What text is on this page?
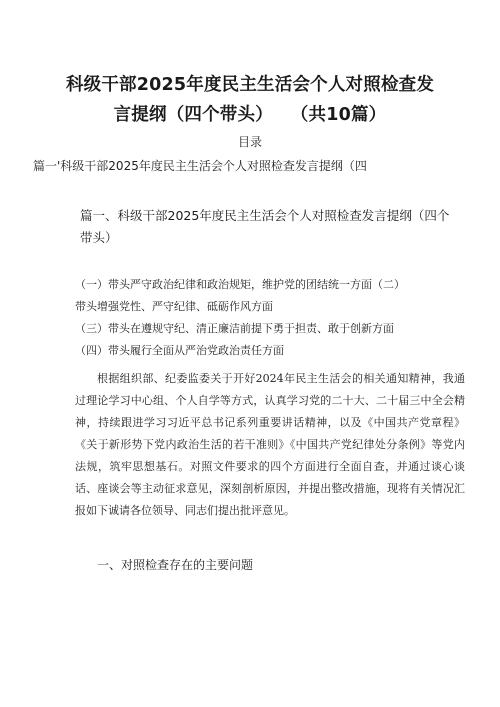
科级干部2025年度民主生活会个人对照检查发
言提纲（四个带头）　　（共10篇）
目录
篇一'科级干部2025年度民主生活会个人对照检查发言提纲（四
篇一、科级干部2025年度民主生活会个人对照检查发言提纲（四个带头）

（一）带头严守政治纪律和政治规矩，维护党的团结统一方面（二）

带头增强党性、严守纪律、砥砺作风方面

（三）带头在遵规守纪、清正廉洁前提下勇于担责、敢于创新方面

（四）带头履行全面从严治党政治责任方面

根据组织部、纪委监委关于开好2024年民主生活会的相关通知精神，我通过理论学习中心组、个人自学等方式，认真学习党的二十大、二十届三中全会精神，持续跟进学习习近平总书记系列重要讲话精神，以及《中国共产党章程》《关于新形势下党内政治生活的若干准则》《中国共产党纪律处分条例》等党内法规，筑牢思想基石。对照文件要求的四个方面进行全面自查，并通过谈心谈话、座谈会等主动征求意见，深刻剖析原因，并提出整改措施，现将有关情况汇报如下诚请各位领导、同志们提出批评意见。

一、对照检查存在的主要问题
